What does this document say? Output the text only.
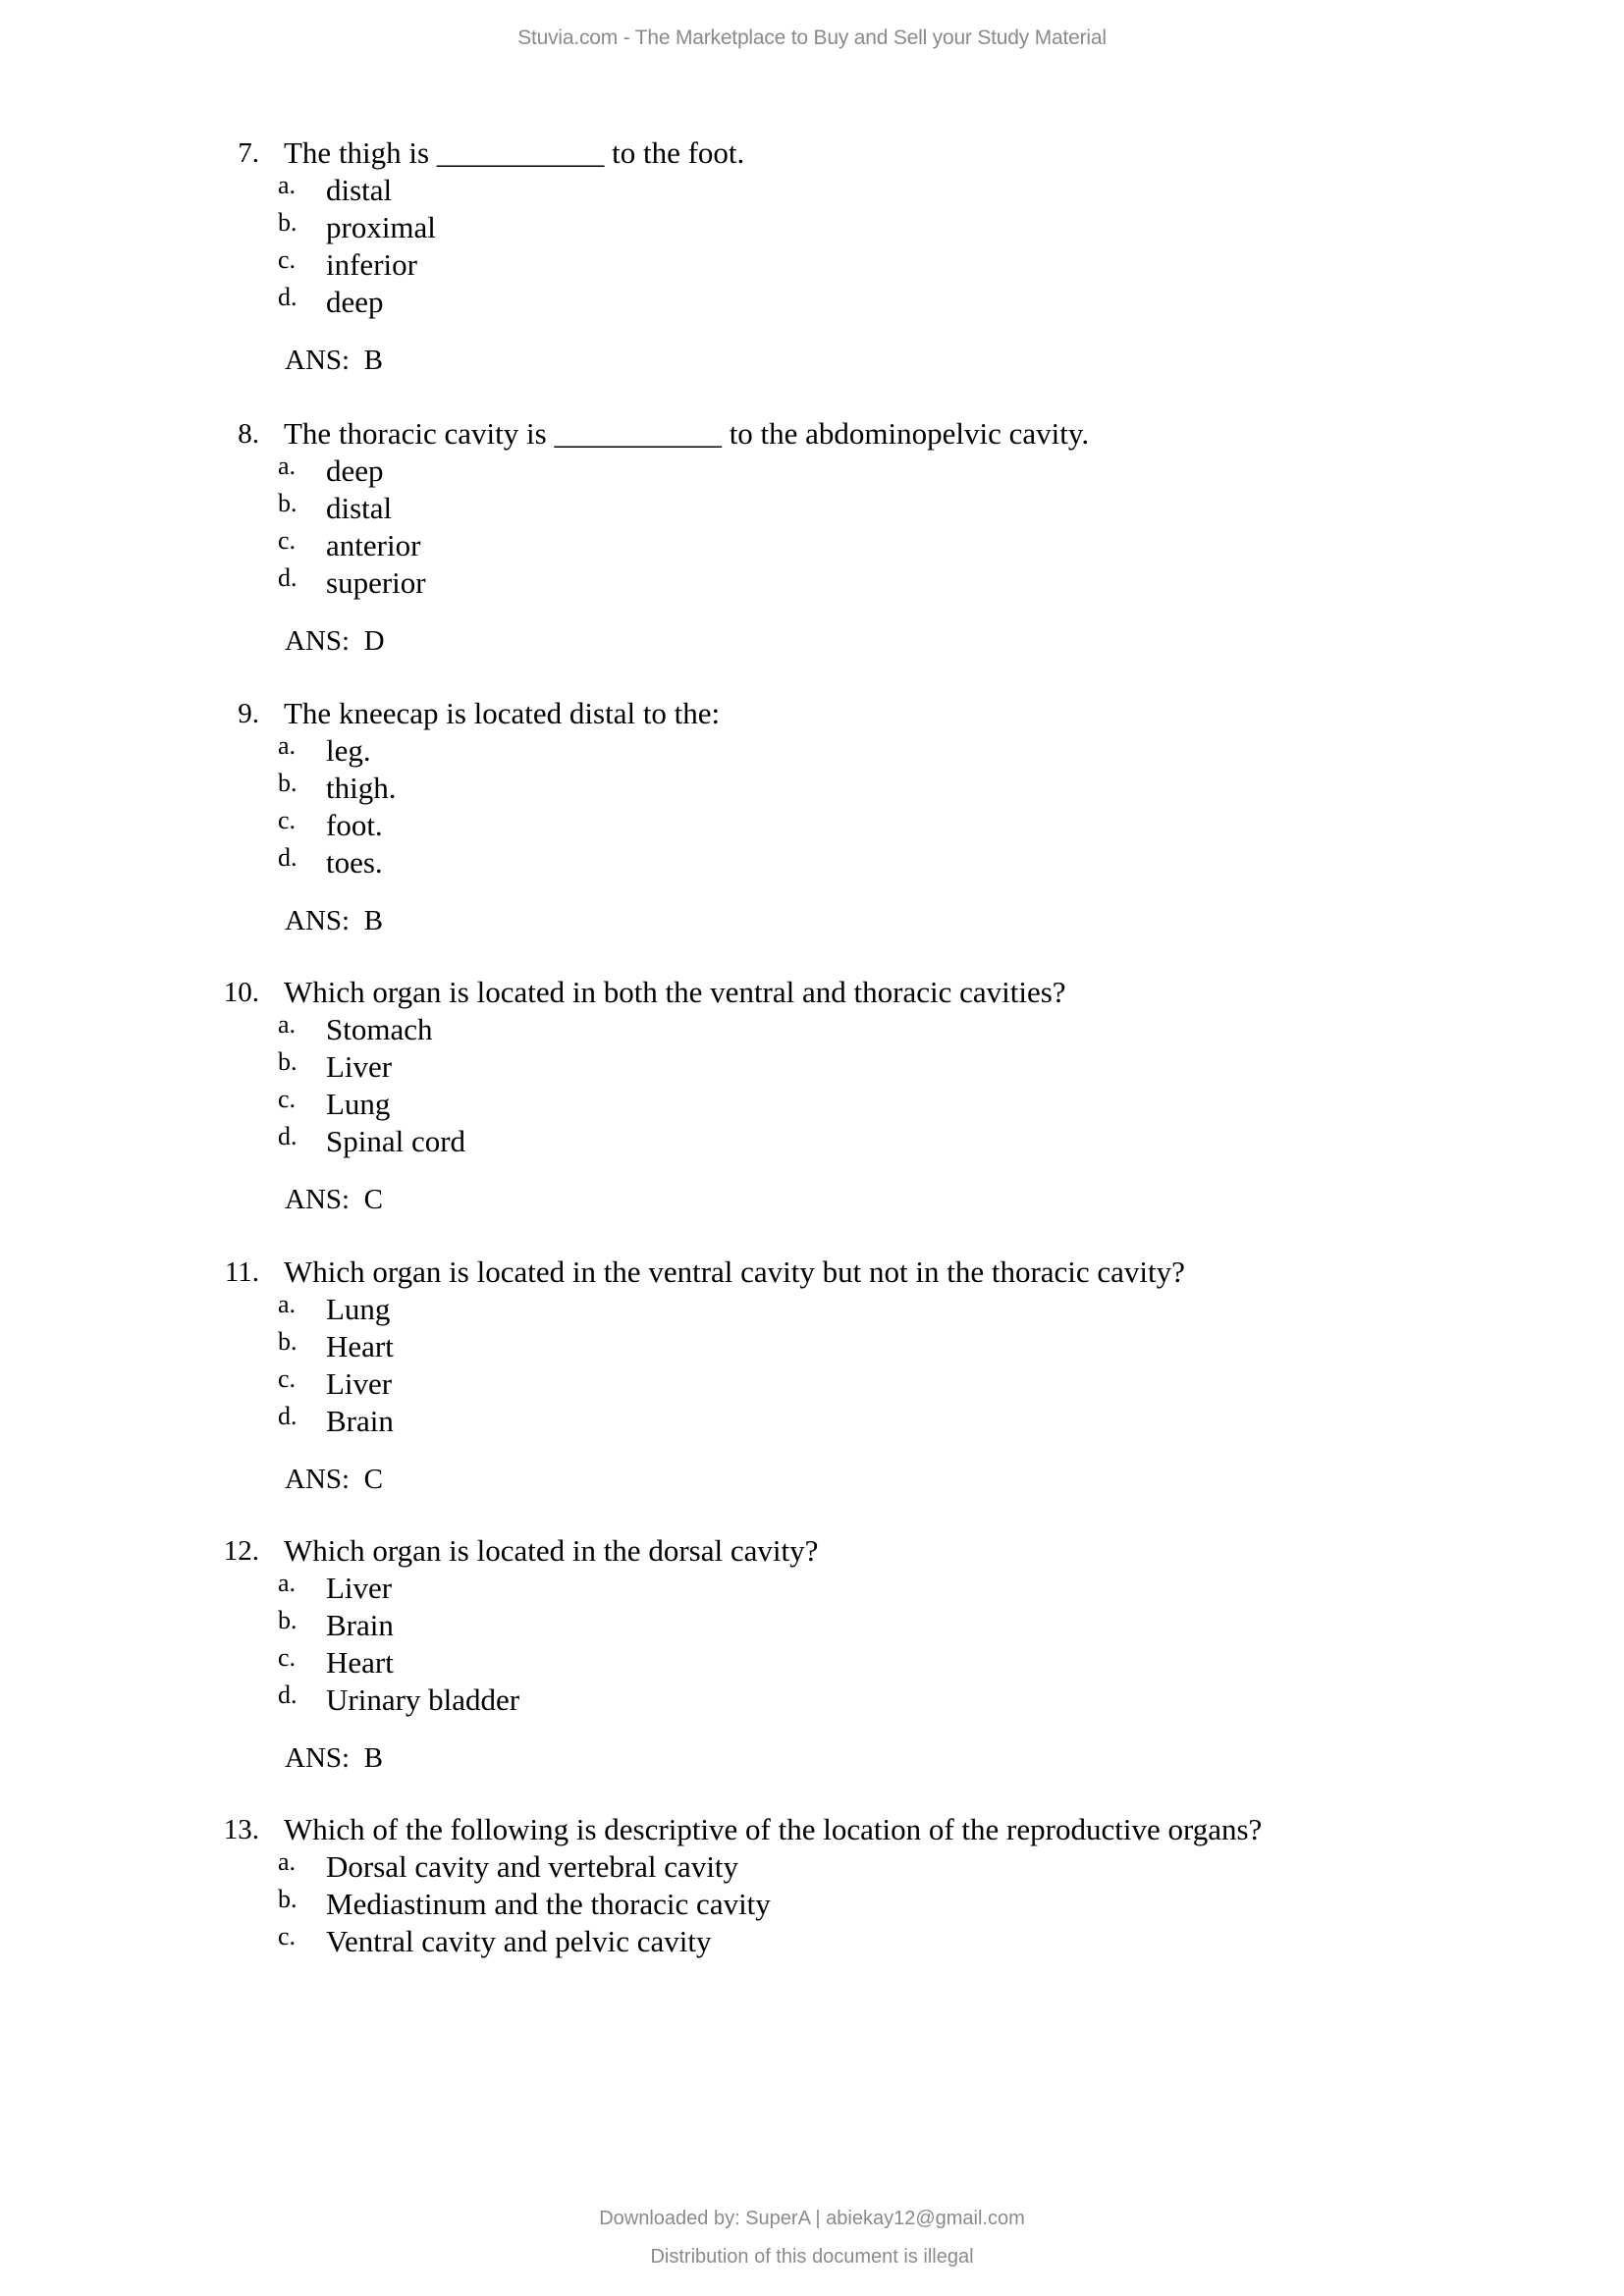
Stuvia.com - The Marketplace to Buy and Sell your Study Material
7. The thigh is ___________ to the foot.
a. distal
b. proximal
c. inferior
d. deep
ANS:  B
8. The thoracic cavity is ___________ to the abdominopelvic cavity.
a. deep
b. distal
c. anterior
d. superior
ANS:  D
9. The kneecap is located distal to the:
a. leg.
b. thigh.
c. foot.
d. toes.
ANS:  B
10. Which organ is located in both the ventral and thoracic cavities?
a. Stomach
b. Liver
c. Lung
d. Spinal cord
ANS:  C
11. Which organ is located in the ventral cavity but not in the thoracic cavity?
a. Lung
b. Heart
c. Liver
d. Brain
ANS:  C
12. Which organ is located in the dorsal cavity?
a. Liver
b. Brain
c. Heart
d. Urinary bladder
ANS:  B
13. Which of the following is descriptive of the location of the reproductive organs?
a. Dorsal cavity and vertebral cavity
b. Mediastinum and the thoracic cavity
c. Ventral cavity and pelvic cavity
Downloaded by: SuperA | abiekay12@gmail.com
Distribution of this document is illegal
